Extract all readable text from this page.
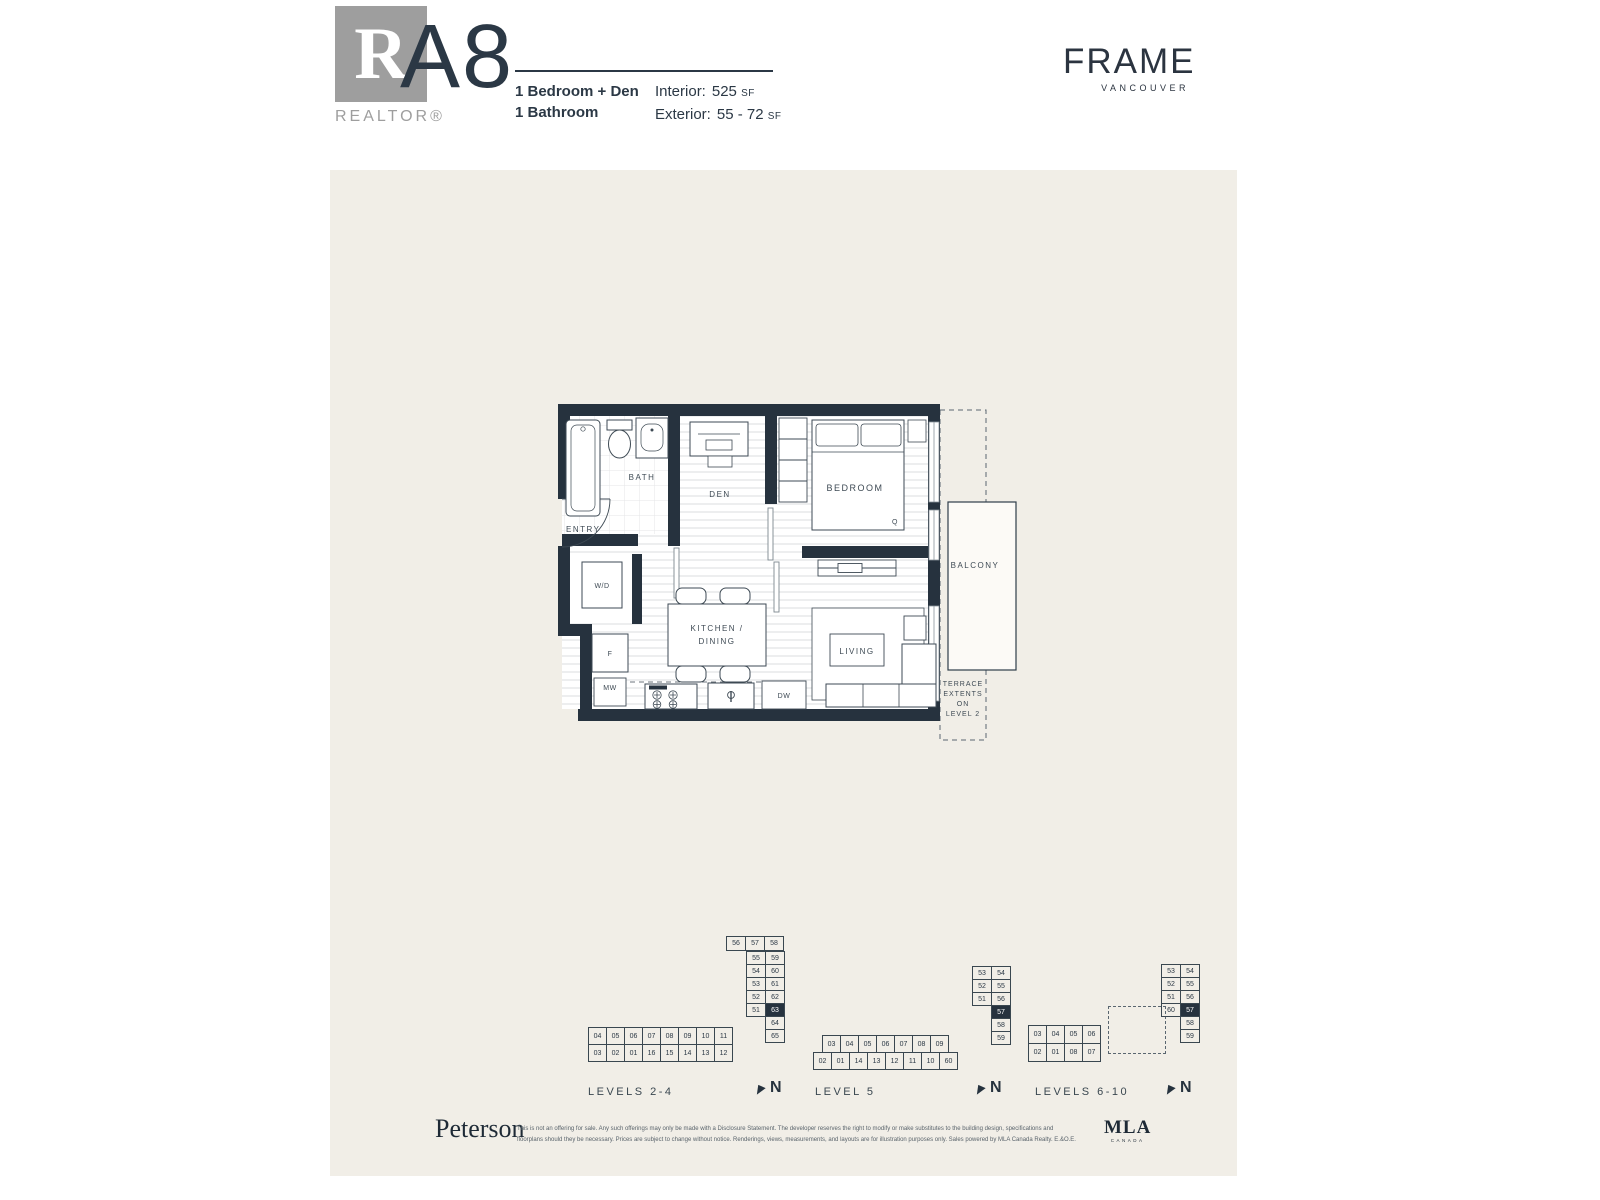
R
REALTOR®
A8 1 Bedroom + Den
1 Bathroom
Interior: 525 SF
Exterior: 55 - 72 SF
FRAME
VANCOUVER
Q
BATH
DEN
BEDROOM
ENTRY
W/D
F
MW
DW
KITCHEN /
DINING
LIVING
BALCONY
TERRACE
EXTENTS
ON
LEVEL 2
56	57	58
55
54
53
52
51
59
60
61
62
63
64
65
04	05	06	07	08	09	10	11
03	02	01	16	15	14	13	12
53
52
51
54
55
56
57
58
59
03	04	05	06	07	08	09
02	01	14	13	12	11	10	60
03	04	05	06
02	01	08	07
53
52
51
60
54
55
56
57
58
59
LEVELS 2-4	LEVEL 5	LEVELS 6-10
N	N	N
Peterson
This is not an offering for sale. Any such offerings may only be made with a Disclosure Statement. The developer reserves the right to modify or make substitutes to the building design, specifications and
floorplans should they be necessary. Prices are subject to change without notice. Renderings, views, measurements, and layouts are for illustration purposes only. Sales powered by MLA Canada Realty. E.&O.E.
MLA
CANADA
